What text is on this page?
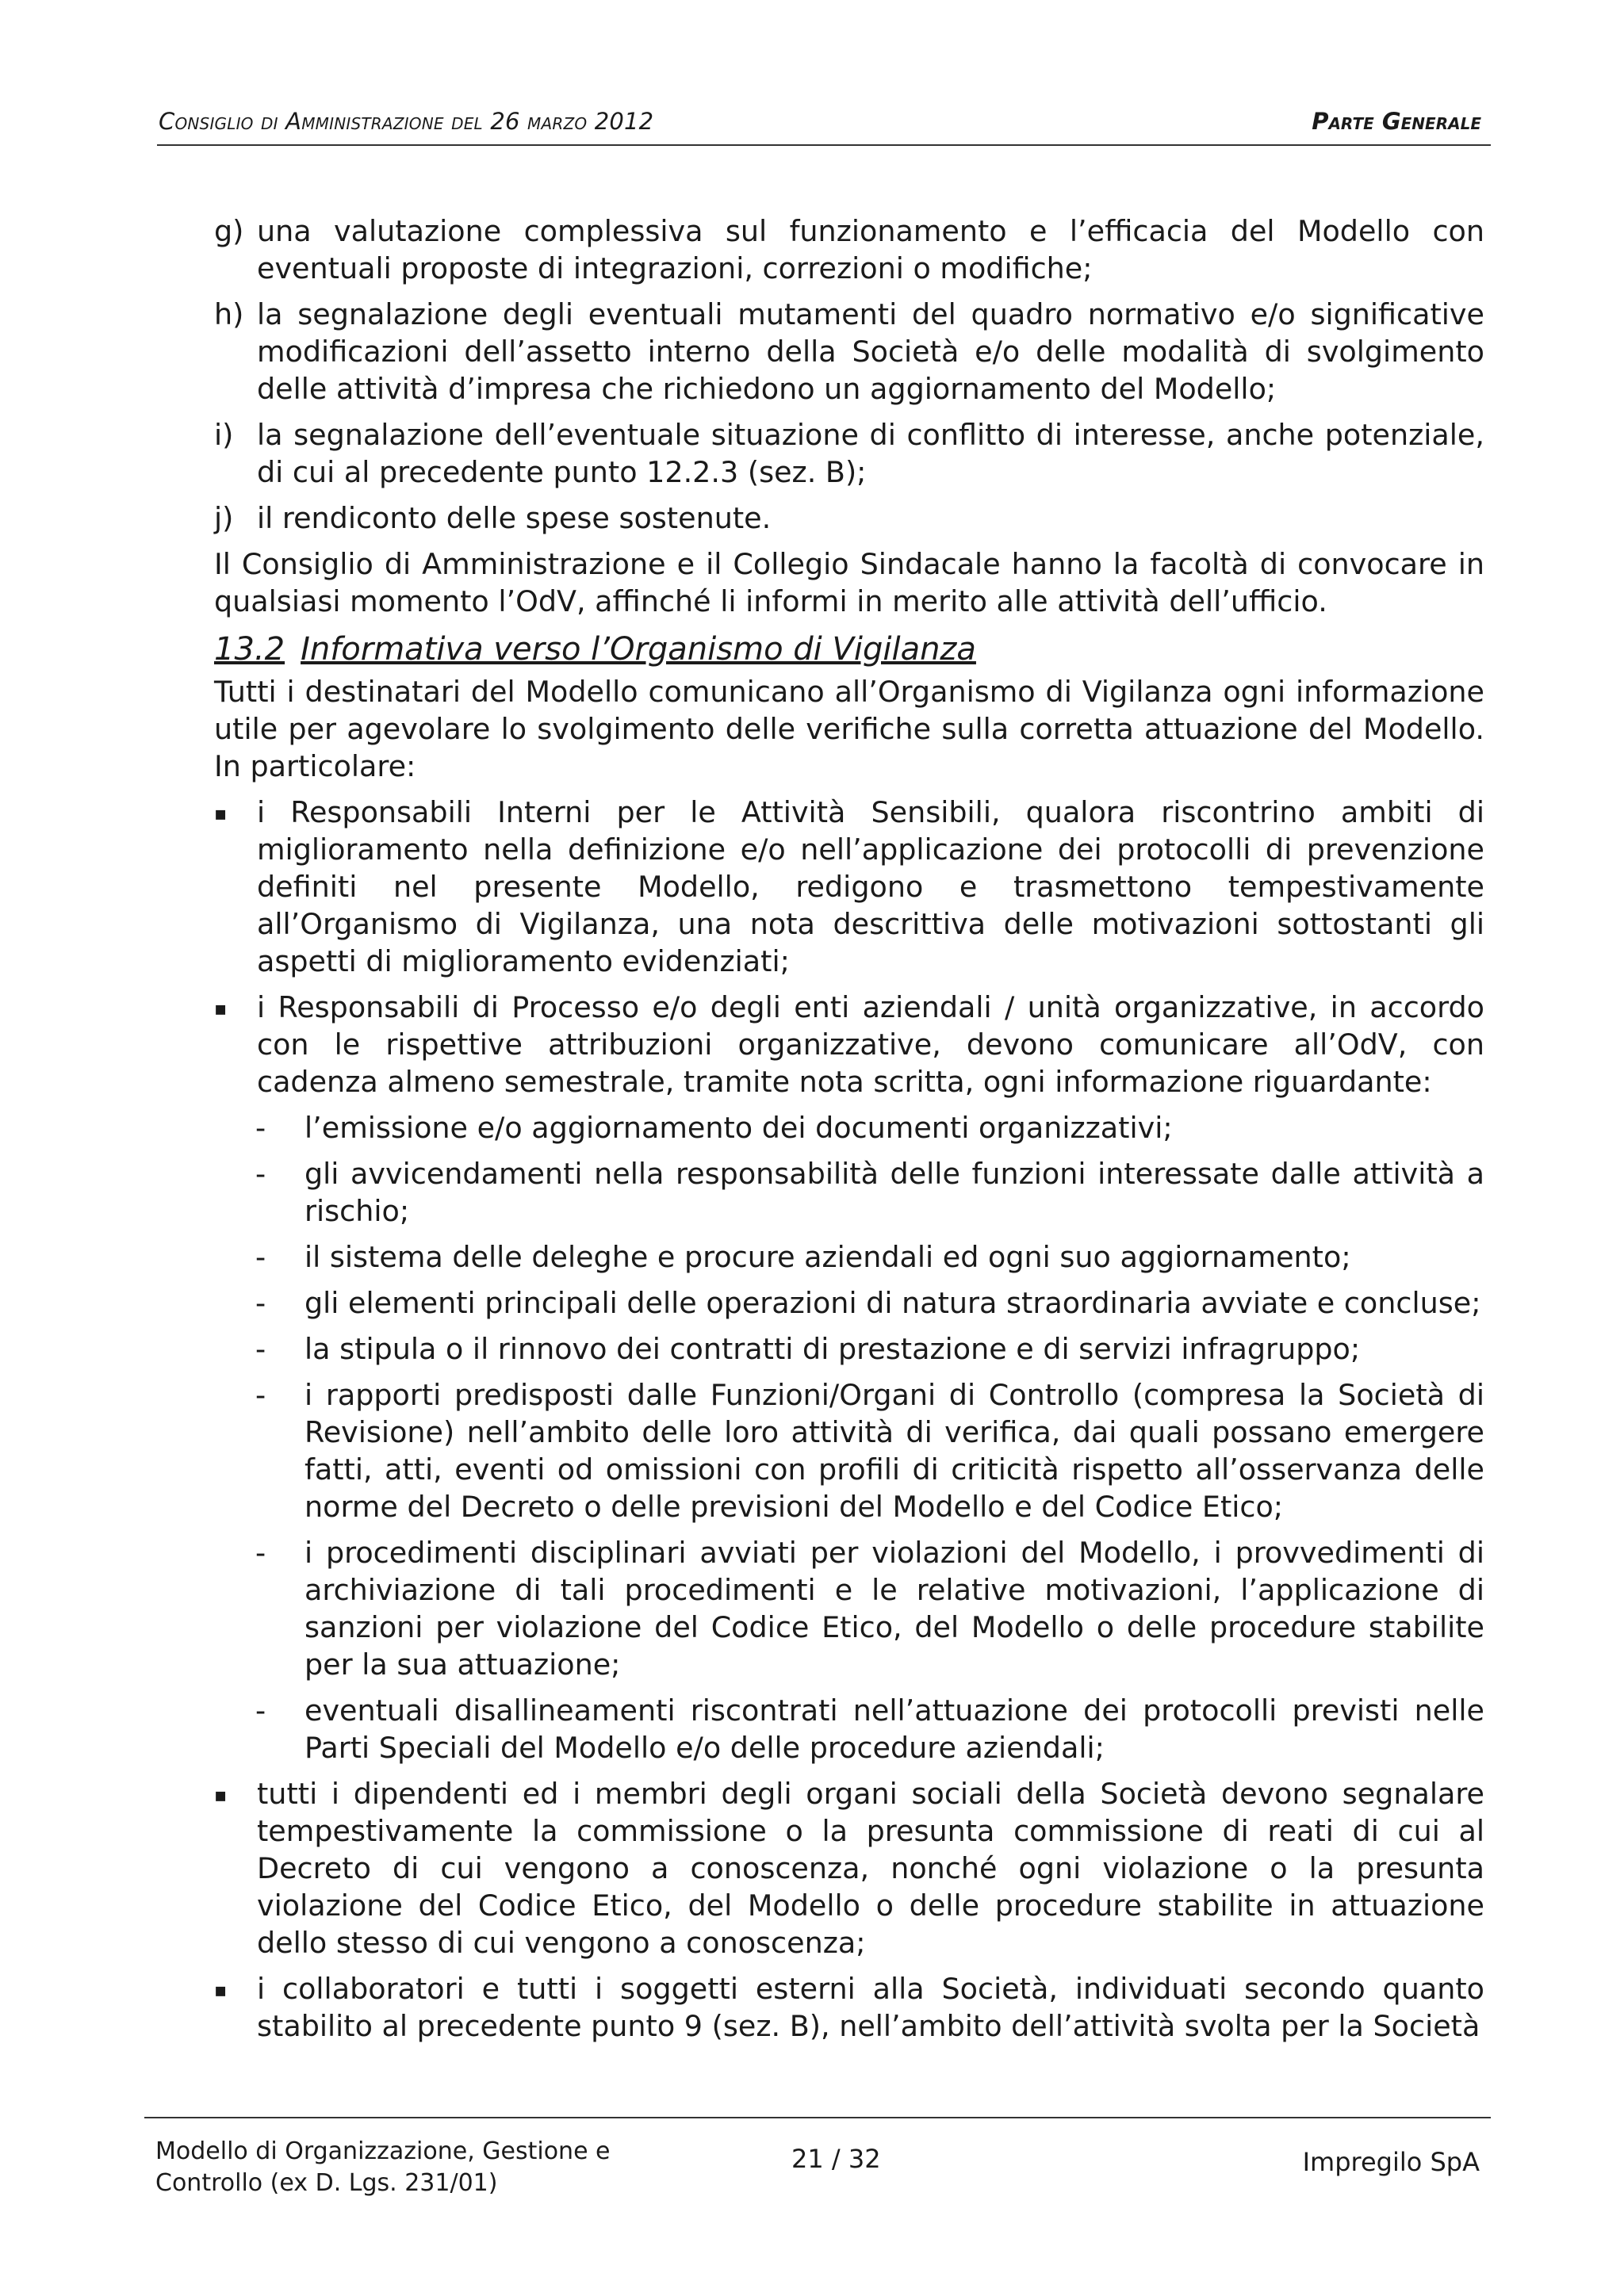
Consiglio di Amministrazione del 26 marzo 2012	Parte Generale
g) una valutazione complessiva sul funzionamento e l’efficacia del Modello con eventuali proposte di integrazioni, correzioni o modifiche;
h) la segnalazione degli eventuali mutamenti del quadro normativo e/o significative modificazioni dell’assetto interno della Società e/o delle modalità di svolgimento delle attività d’impresa che richiedono un aggiornamento del Modello;
i) la segnalazione dell’eventuale situazione di conflitto di interesse, anche potenziale, di cui al precedente punto 12.2.3 (sez. B);
j) il rendiconto delle spese sostenute.
Il Consiglio di Amministrazione e il Collegio Sindacale hanno la facoltà di convocare in qualsiasi momento l’OdV, affinché li informi in merito alle attività dell’ufficio.
13.2 Informativa verso l’Organismo di Vigilanza
Tutti i destinatari del Modello comunicano all’Organismo di Vigilanza ogni informazione utile per agevolare lo svolgimento delle verifiche sulla corretta attuazione del Modello. In particolare:
▪ i Responsabili Interni per le Attività Sensibili, qualora riscontrino ambiti di miglioramento nella definizione e/o nell’applicazione dei protocolli di prevenzione definiti nel presente Modello, redigono e trasmettono tempestivamente all’Organismo di Vigilanza, una nota descrittiva delle motivazioni sottostanti gli aspetti di miglioramento evidenziati;
▪ i Responsabili di Processo e/o degli enti aziendali / unità organizzative, in accordo con le rispettive attribuzioni organizzative, devono comunicare all’OdV, con cadenza almeno semestrale, tramite nota scritta, ogni informazione riguardante:
- l’emissione e/o aggiornamento dei documenti organizzativi;
- gli avvicendamenti nella responsabilità delle funzioni interessate dalle attività a rischio;
- il sistema delle deleghe e procure aziendali ed ogni suo aggiornamento;
- gli elementi principali delle operazioni di natura straordinaria avviate e concluse;
- la stipula o il rinnovo dei contratti di prestazione e di servizi infragruppo;
- i rapporti predisposti dalle Funzioni/Organi di Controllo (compresa la Società di Revisione) nell’ambito delle loro attività di verifica, dai quali possano emergere fatti, atti, eventi od omissioni con profili di criticità rispetto all’osservanza delle norme del Decreto o delle previsioni del Modello e del Codice Etico;
- i procedimenti disciplinari avviati per violazioni del Modello, i provvedimenti di archiviazione di tali procedimenti e le relative motivazioni, l’applicazione di sanzioni per violazione del Codice Etico, del Modello o delle procedure stabilite per la sua attuazione;
- eventuali disallineamenti riscontrati nell’attuazione dei protocolli previsti nelle Parti Speciali del Modello e/o delle procedure aziendali;
▪ tutti i dipendenti ed i membri degli organi sociali della Società devono segnalare tempestivamente la commissione o la presunta commissione di reati di cui al Decreto di cui vengono a conoscenza, nonché ogni violazione o la presunta violazione del Codice Etico, del Modello o delle procedure stabilite in attuazione dello stesso di cui vengono a conoscenza;
▪ i collaboratori e tutti i soggetti esterni alla Società, individuati secondo quanto stabilito al precedente punto 9 (sez. B), nell’ambito dell’attività svolta per la Società
Modello di Organizzazione, Gestione e
Controllo (ex D. Lgs. 231/01)
21 / 32	Impregilo SpA
